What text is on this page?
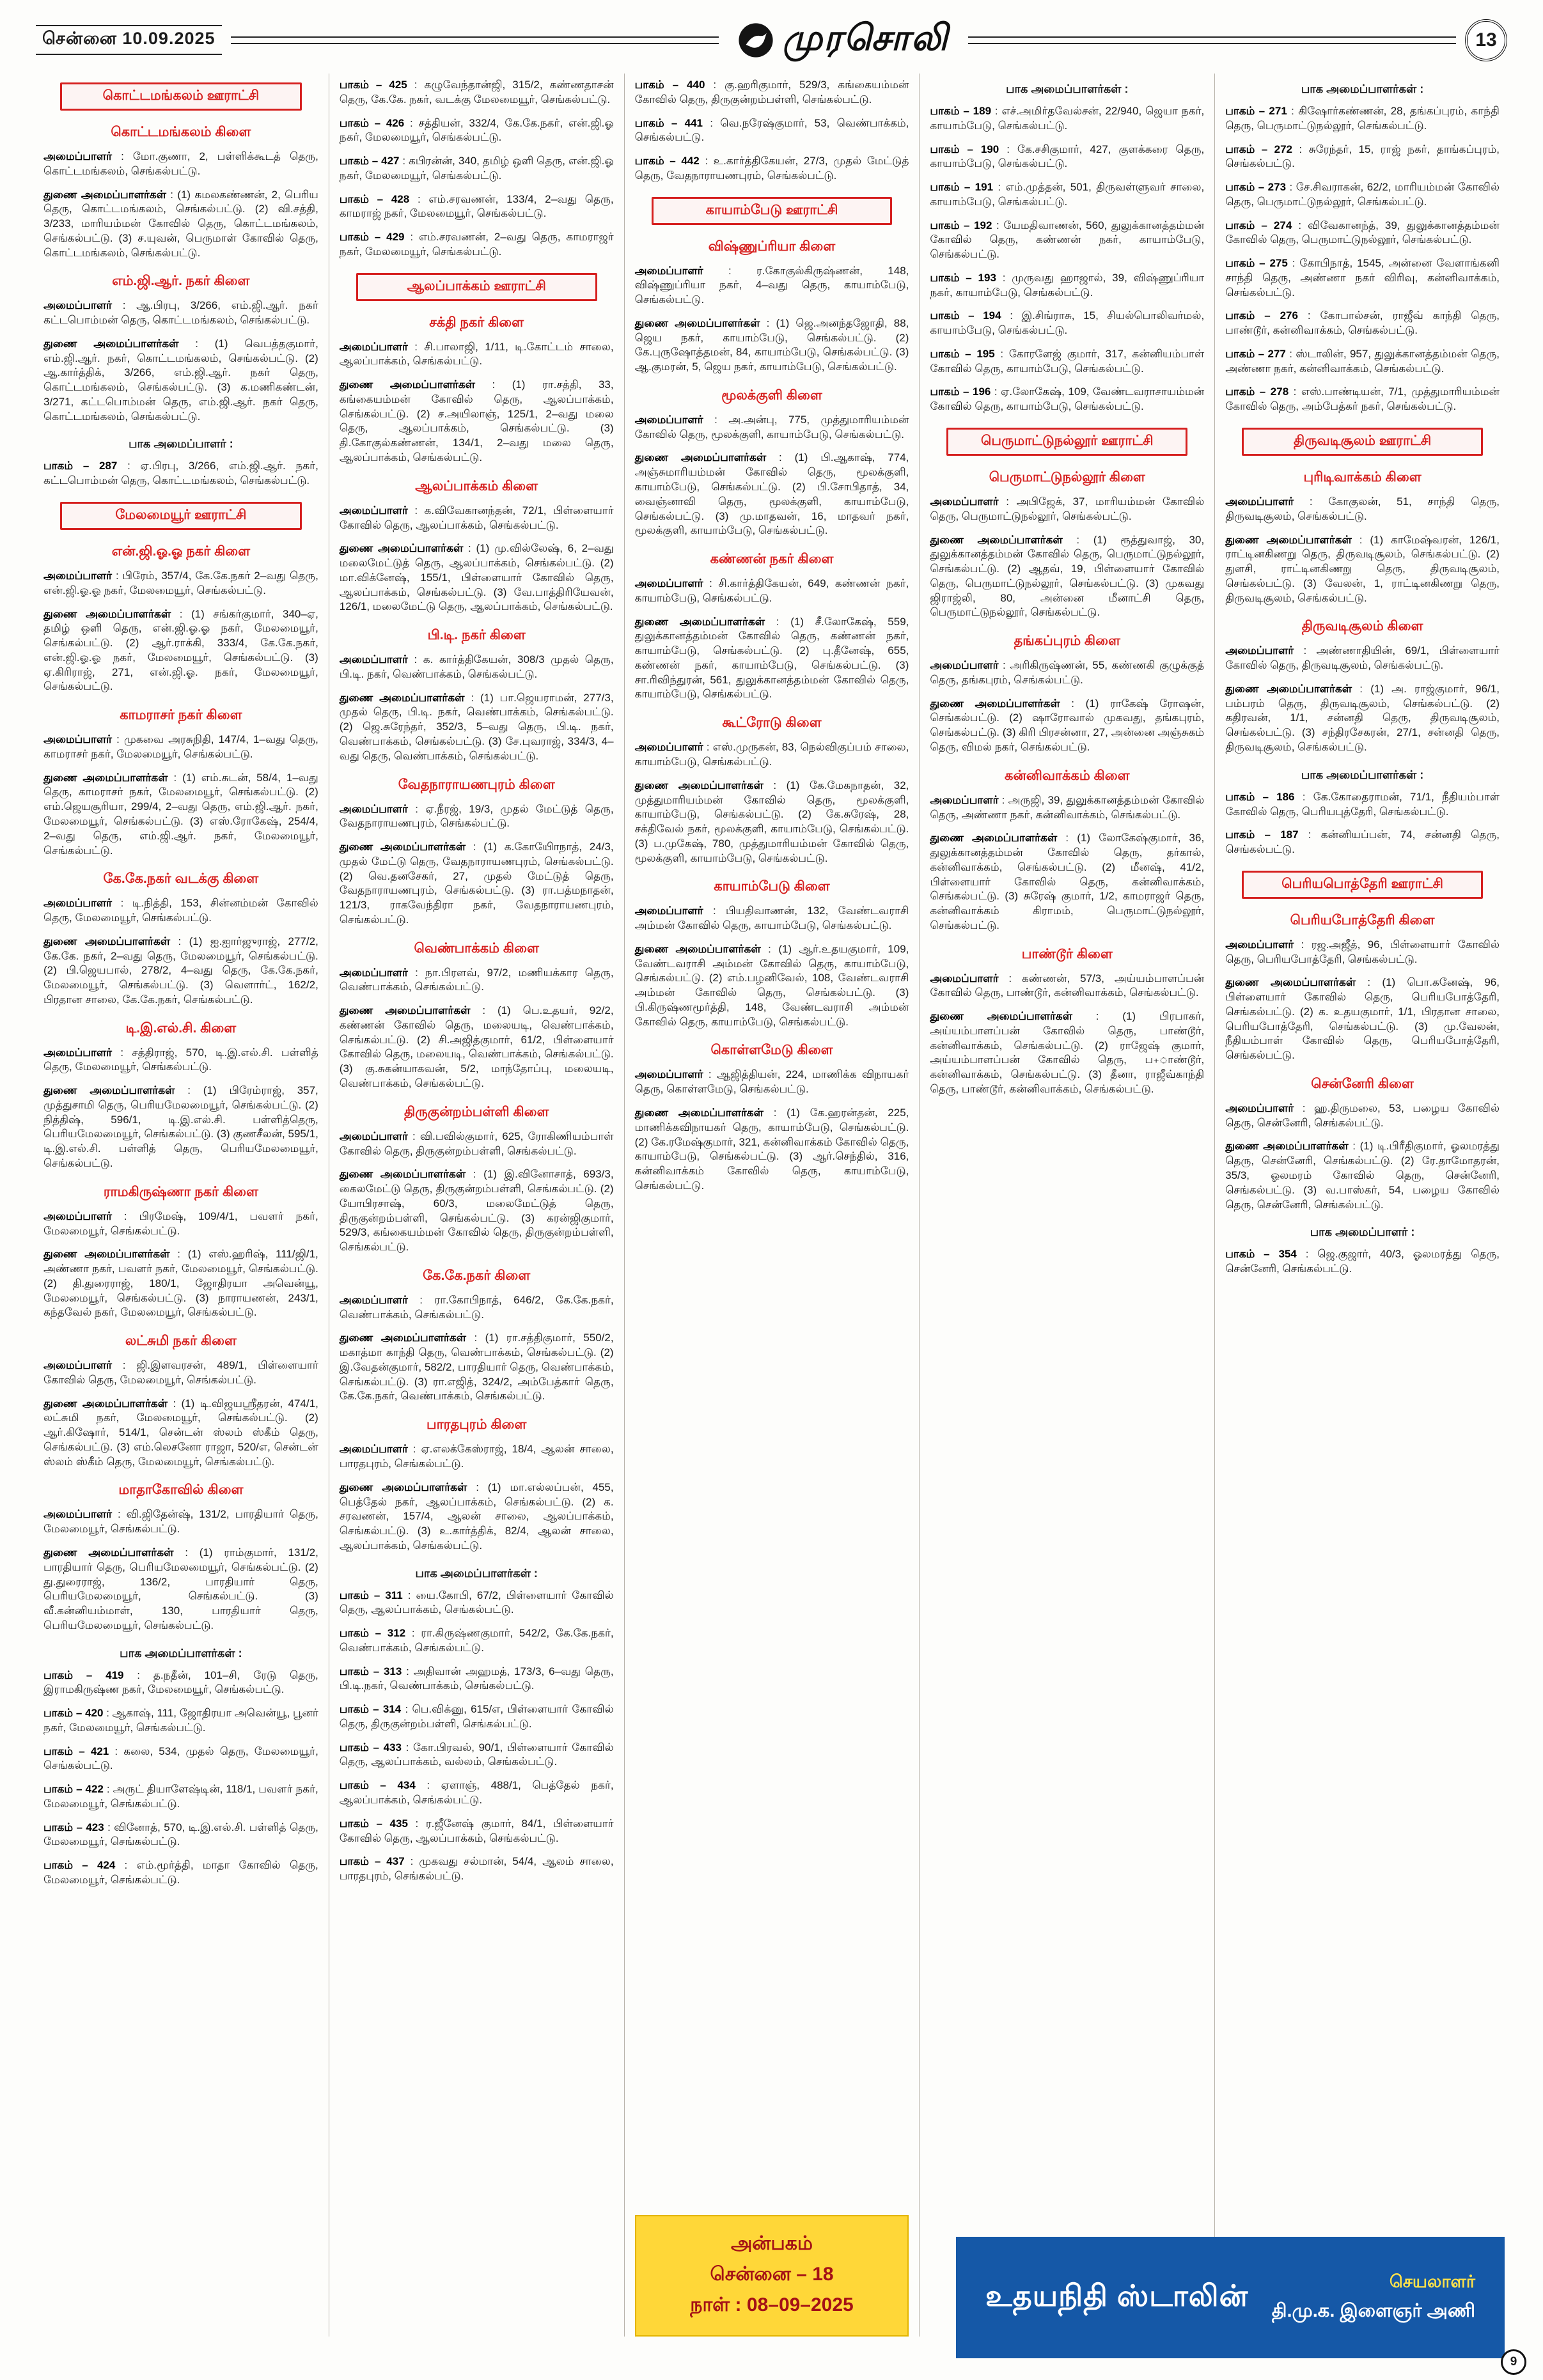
சென்னை 10.09.2025	முரசொலி	13
கொட்டமங்கலம் ஊராட்சி
கொட்டமங்கலம் கிளை

அமைப்பாளர் : மோ.குணா, 2, பள்ளிக்கூடத் தெரு, கொட்டமங்கலம், செங்கல்பட்டு.

துணை அமைப்பாளர்கள் : (1) கமலகண்ணன், 2, பெரிய தெரு, கொட்டமங்கலம், செங்கல்பட்டு. (2) வி.சத்தி, 3/233, மாரியம்மன் கோவில் தெரு, கொட்டமங்கலம், செங்கல்பட்டு. (3) ச.யுவன், பெருமாள் கோவில் தெரு, கொட்டமங்கலம், செங்கல்பட்டு.

எம்.ஜி.ஆர். நகர் கிளை

அமைப்பாளர் : ஆ.பிரபு, 3/266, எம்.ஜி.ஆர். நகர் கட்டபொம்மன் தெரு, கொட்டமங்கலம், செங்கல்பட்டு.

துணை அமைப்பாளர்கள் : (1) வெபத்தகுமார், எம்.ஜி.ஆர். நகர், கொட்டமங்கலம், செங்கல்பட்டு. (2) ஆ.கார்த்திக், 3/266, எம்.ஜி.ஆர். நகர் தெரு, கொட்டமங்கலம், செங்கல்பட்டு. (3) க.மணிகண்டன், 3/271, கட்டபொம்மன் தெரு, எம்.ஜி.ஆர். நகர் தெரு, கொட்டமங்கலம், செங்கல்பட்டு.

பாக அமைப்பாளர் :

பாகம் – 287 : ஏ.பிரபு, 3/266, எம்.ஜி.ஆர். நகர், கட்டபொம்மன் தெரு, கொட்டமங்கலம், செங்கல்பட்டு.

மேலமையூர் ஊராட்சி
என்.ஜி.ஓ.ஓ நகர் கிளை

அமைப்பாளர் : பிரேம், 357/4, கே.கே.நகர் 2–வது தெரு, என்.ஜி.ஓ.ஓ நகர், மேலமையூர், செங்கல்பட்டு.

துணை அமைப்பாளர்கள் : (1) சங்கர்குமார், 340–ஏ, தமிழ் ஒளி தெரு, என்.ஜி.ஓ.ஓ நகர், மேலமையூர், செங்கல்பட்டு. (2) ஆர்.ராக்கி, 333/4, கே.கே.நகர், என்.ஜி.ஓ.ஓ நகர், மேலமையூர், செங்கல்பட்டு. (3) ஏ.கிரிராஜ், 271, என்.ஜி.ஓ. நகர், மேலமையூர், செங்கல்பட்டு.

காமராசர் நகர் கிளை

அமைப்பாளர் : முகவை அரசுநிதி, 147/4, 1–வது தெரு, காமராசர் நகர், மேலமையூர், செங்கல்பட்டு.

துணை அமைப்பாளர்கள் : (1) எம்.சுடன், 58/4, 1–வது தெரு, காமராசர் நகர், மேலமையூர், செங்கல்பட்டு. (2) எம்.ஜெயசூரியா, 299/4, 2–வது தெரு, எம்.ஜி.ஆர். நகர், மேலமையூர், செங்கல்பட்டு. (3) எஸ்.ரோகேஷ், 254/4, 2–வது தெரு, எம்.ஜி.ஆர். நகர், மேலமையூர், செங்கல்பட்டு.

கே.கே.நகர் வடக்கு கிளை

அமைப்பாளர் : டி.நித்தி, 153, சின்னம்மன் கோவில் தெரு, மேலமையூர், செங்கல்பட்டு.

துணை அமைப்பாளர்கள் : (1) ஐ.ஐார்ஜுராஜ், 277/2, கே.கே. நகர், 2–வது தெரு, மேலமையூர், செங்கல்பட்டு. (2) பி.ஜெயபால், 278/2, 4–வது தெரு, கே.கே.நகர், மேலமையூர், செங்கல்பட்டு. (3) வெளார்ட், 162/2, பிரதான சாலை, கே.கே.நகர், செங்கல்பட்டு.

டி.இ.எல்.சி. கிளை

அமைப்பாளர் : சத்திராஜ், 570, டி.இ.எல்.சி. பள்ளித் தெரு, மேலமையூர், செங்கல்பட்டு.

துணை அமைப்பாளர்கள் : (1) பிரேம்ராஜ், 357, முத்துசாமி தெரு, பெரியமேலமையூர், செங்கல்பட்டு. (2) நித்திஷ், 596/1, டி.இ.எல்.சி. பள்ளித்தெரு, பெரியமேலமையூர், செங்கல்பட்டு. (3) குணசீலன், 595/1, டி.இ.எல்.சி. பள்ளித் தெரு, பெரியமேலமையூர், செங்கல்பட்டு.

ராமகிருஷ்ணா நகர் கிளை

அமைப்பாளர் : பிரமேஷ், 109/4/1, பவளர் நகர், மேலமையூர், செங்கல்பட்டு.

துணை அமைப்பாளர்கள் : (1) எஸ்.ஹரிஷ், 111/ஜி/1, அண்ணா நகர், பவளர் நகர், மேலமையூர், செங்கல்பட்டு. (2) தி.துரைராஜ், 180/1, ஜோதிரயா அவென்யூ, மேலமையூர், செங்கல்பட்டு. (3) நாராயணன், 243/1, கந்தவேல் நகர், மேலமையூர், செங்கல்பட்டு.

லட்சுமி நகர் கிளை

அமைப்பாளர் : ஜி.இளவரசன், 489/1, பிள்ளையார் கோவில் தெரு, மேலமையூர், செங்கல்பட்டு.

துணை அமைப்பாளர்கள் : (1) டி.விஜயஸ்ரீதரன், 474/1, லட்சுமி நகர், மேலமையூர், செங்கல்பட்டு. (2) ஆர்.கிஷோர், 514/1, சென்டன் ஸ்லம் ஸ்கீம் தெரு, செங்கல்பட்டு. (3) எம்.லெசனோ ராஜா, 520/எ, சென்டன் ஸ்லம் ஸ்கீம் தெரு, மேலமையூர், செங்கல்பட்டு.

மாதாகோவில் கிளை

அமைப்பாளர் : வி.ஜிதேன்ஷ், 131/2, பாரதியார் தெரு, மேலமையூர், செங்கல்பட்டு.

துணை அமைப்பாளர்கள் : (1) ராம்குமார், 131/2, பாரதியார் தெரு, பெரியமேலமையூர், செங்கல்பட்டு. (2) து.துரைராஜ், 136/2, பாரதியார் தெரு, பெரியமேலமையூர், செங்கல்பட்டு. (3) வீ.கன்னியம்மாள், 130, பாரதியார் தெரு, பெரியமேலமையூர், செங்கல்பட்டு.

பாக அமைப்பாளர்கள் :

பாகம் – 419 : த.நதீன், 101–சி, ரேடு தெரு, இராமகிருஷ்ண நகர், மேலமையூர், செங்கல்பட்டு.

பாகம் – 420 : ஆகாஷ், 111, ஜோதிரயா அவென்யூ, பூனர் நகர், மேலமையூர், செங்கல்பட்டு.

பாகம் – 421 : கலை, 534, முதல் தெரு, மேலமையூர், செங்கல்பட்டு.

பாகம் – 422 : அருட் தியாளேஷ்டின், 118/1, பவளர் நகர், மேலமையூர், செங்கல்பட்டு.

பாகம் – 423 : வினோத், 570, டி.இ.எல்.சி. பள்ளித் தெரு, மேலமையூர், செங்கல்பட்டு.

பாகம் – 424 : எம்.மூர்த்தி, மாதா கோவில் தெரு, மேலமையூர், செங்கல்பட்டு.

பாகம் – 425 : கழுவேந்தான்ஜி, 315/2, கண்ணதாசன் தெரு, கே.கே. நகர், வடக்கு மேலமையூர், செங்கல்பட்டு.

பாகம் – 426 : சத்தியன், 332/4, கே.கே.நகர், என்.ஜி.ஓ நகர், மேலமையூர், செங்கல்பட்டு.

பாகம் – 427 : கபிரன்ன், 340, தமிழ் ஒளி தெரு, என்.ஜி.ஓ நகர், மேலமையூர், செங்கல்பட்டு.

பாகம் – 428 : எம்.சரவணன், 133/4, 2–வது தெரு, காமராஜ் நகர், மேலமையூர், செங்கல்பட்டு.

பாகம் – 429 : எம்.சரவணன், 2–வது தெரு, காமராஜர் நகர், மேலமையூர், செங்கல்பட்டு.

ஆலப்பாக்கம் ஊராட்சி
சக்தி நகர் கிளை

அமைப்பாளர் : சி.பாலாஜி, 1/11, டி.கோட்டம் சாலை, ஆலப்பாக்கம், செங்கல்பட்டு.

துணை அமைப்பாளர்கள் : (1) ரா.சத்தி, 33, கங்கையம்மன் கோவில் தெரு, ஆலப்பாக்கம், செங்கல்பட்டு. (2) ச.அயிலாஞ், 125/1, 2–வது மலை தெரு, ஆலப்பாக்கம், செங்கல்பட்டு. (3) தி.கோகுல்கண்ணன், 134/1, 2–வது மலை தெரு, ஆலப்பாக்கம், செங்கல்பட்டு.

ஆலப்பாக்கம் கிளை

அமைப்பாளர் : க.விவேகானந்தன், 72/1, பிள்ளையார் கோவில் தெரு, ஆலப்பாக்கம், செங்கல்பட்டு.

துணை அமைப்பாளர்கள் : (1) மு.வில்லேஷ், 6, 2–வது மலைமேட்டுத் தெரு, ஆலப்பாக்கம், செங்கல்பட்டு. (2) மா.விக்னேஷ், 155/1, பிள்ளையார் கோவில் தெரு, ஆலப்பாக்கம், செங்கல்பட்டு. (3) வே.பாத்திரியேவன், 126/1, மலைமேட்டு தெரு, ஆலப்பாக்கம், செங்கல்பட்டு.

பி.டி. நகர் கிளை

அமைப்பாளர் : க. கார்த்திகேயன், 308/3 முதல் தெரு, பி.டி. நகர், வெண்பாக்கம், செங்கல்பட்டு.

துணை அமைப்பாளர்கள் : (1) பா.ஜெயராமன், 277/3, முதல் தெரு, பி.டி. நகர், வெண்பாக்கம், செங்கல்பட்டு. (2) ஜெ.சுரேந்தர், 352/3, 5–வது தெரு, பி.டி. நகர், வெண்பாக்கம், செங்கல்பட்டு. (3) சே.புவராஜ், 334/3, 4–வது தெரு, வெண்பாக்கம், செங்கல்பட்டு.

வேதநாராயணபுரம் கிளை

அமைப்பாளர் : ஏ.நீரஜ், 19/3, முதல் மேட்டுத் தெரு, வேதநாராயணபுரம், செங்கல்பட்டு.

துணை அமைப்பாளர்கள் : (1) க.கோயிோநாத், 24/3, முதல் மேட்டு தெரு, வேதநாராயணபுரம், செங்கல்பட்டு. (2) வெ.தனசேகர், 27, முதல் மேட்டுத் தெரு, வேதநாராயணபுரம், செங்கல்பட்டு. (3) ரா.பத்மநாதன், 121/3, ராகவேந்திரா நகர், வேதநாராயணபுரம், செங்கல்பட்டு.

வெண்பாக்கம் கிளை

அமைப்பாளர் : நா.பிரளவ், 97/2, மணியக்கார தெரு, வெண்பாக்கம், செங்கல்பட்டு.

துணை அமைப்பாளர்கள் : (1) பெ.உதயர், 92/2, கண்ணன் கோவில் தெரு, மலையடி, வெண்பாக்கம், செங்கல்பட்டு. (2) சி.அஜித்குமார், 61/2, பிள்ளையார் கோவில் தெரு, மலையடி, வெண்பாக்கம், செங்கல்பட்டு. (3) கு.சுகன்யாகவன், 5/2, மாந்தோப்பு, மலையடி, வெண்பாக்கம், செங்கல்பட்டு.

திருகுன்றம்பள்ளி கிளை

அமைப்பாளர் : வி.பவில்குமார், 625, ரோகிணியம்பாள் கோவில் தெரு, திருகுன்றம்பள்ளி, செங்கல்பட்டு.

துணை அமைப்பாளர்கள் : (1) இ.வினோசாத், 693/3, கைலமேட்டு தெரு, திருகுன்றம்பள்ளி, செங்கல்பட்டு. (2) யோபிரசாஷ், 60/3, மலைமேட்டுத் தெரு, திருகுன்றம்பள்ளி, செங்கல்பட்டு. (3) கரன்ஜிகுமார், 529/3, கங்கையம்மன் கோவில் தெரு, திருகுன்றம்பள்ளி, செங்கல்பட்டு.

கே.கே.நகர் கிளை

அமைப்பாளர் : ரா.கோபிநாத், 646/2, கே.கே.நகர், வெண்பாக்கம், செங்கல்பட்டு.

துணை அமைப்பாளர்கள் : (1) ரா.சத்திகுமார், 550/2, மகாத்மா காந்தி தெரு, வெண்பாக்கம், செங்கல்பட்டு. (2) இ.வேதன்குமார், 582/2, பாரதியார் தெரு, வெண்பாக்கம், செங்கல்பட்டு. (3) ரா.எஜித், 324/2, அம்பேத்கார் தெரு, கே.கே.நகர், வெண்பாக்கம், செங்கல்பட்டு.

பாரதபுரம் கிளை

அமைப்பாளர் : ஏ.எலக்கேஸ்ராஜ், 18/4, ஆலன் சாலை, பாரதபுரம், செங்கல்பட்டு.

துணை அமைப்பாளர்கள் : (1) மா.எல்லப்பன், 455, பெத்தேல் நகர், ஆலப்பாக்கம், செங்கல்பட்டு. (2) க. சரவணன், 157/4, ஆலன் சாலை, ஆலப்பாக்கம், செங்கல்பட்டு. (3) உ.கார்த்திக், 82/4, ஆலன் சாலை, ஆலப்பாக்கம், செங்கல்பட்டு.

பாக அமைப்பாளர்கள் :

பாகம் – 311 : யை.கோபி, 67/2, பிள்ளையார் கோவில் தெரு, ஆலப்பாக்கம், செங்கல்பட்டு.

பாகம் – 312 : ரா.கிருஷ்ணகுமார், 542/2, கே.கே.நகர், வெண்பாக்கம், செங்கல்பட்டு.

பாகம் – 313 : அதிவான் அஹமத், 173/3, 6–வது தெரு, பி.டி.நகர், வெண்பாக்கம், செங்கல்பட்டு.

பாகம் – 314 : பெ.விக்னு, 615/எ, பிள்ளையார் கோவில் தெரு, திருகுன்றம்பள்ளி, செங்கல்பட்டு.

பாகம் – 433 : கோ.பிரவல், 90/1, பிள்ளையார் கோவில் தெரு, ஆலப்பாக்கம், வல்லம், செங்கல்பட்டு.

பாகம் – 434 : ஏளாஞ், 488/1, பெத்தேல் நகர், ஆலப்பாக்கம், செங்கல்பட்டு.

பாகம் – 435 : ர.ஜீனேஷ் குமார், 84/1, பிள்ளையார் கோவில் தெரு, ஆலப்பாக்கம், செங்கல்பட்டு.

பாகம் – 437 : முகவது சல்மான், 54/4, ஆலம் சாலை, பாரதபுரம், செங்கல்பட்டு.

பாகம் – 440 : கு.ஹரிகுமார், 529/3, கங்கையம்மன் கோவில் தெரு, திருகுன்றம்பள்ளி, செங்கல்பட்டு.

பாகம் – 441 : வெ.நரேஷ்குமார், 53, வெண்பாக்கம், செங்கல்பட்டு.

பாகம் – 442 : உ.கார்த்திகேயன், 27/3, முதல் மேட்டுத் தெரு, வேதநாராயணபுரம், செங்கல்பட்டு.

காயாம்பேடு ஊராட்சி
விஷ்ணுப்ரியா கிளை

அமைப்பாளர் : ர.கோகுல்கிருஷ்ணன், 148, விஷ்ணுப்ரியா நகர், 4–வது தெரு, காயாம்பேடு, செங்கல்பட்டு.

துணை அமைப்பாளர்கள் : (1) ஜெ.அனந்தஜோதி, 88, ஜெய நகர், காயாம்பேடு, செங்கல்பட்டு. (2) கே.புருஷோத்தமன், 84, காயாம்பேடு, செங்கல்பட்டு. (3) ஆ.குமரன், 5, ஜெய நகர், காயாம்பேடு, செங்கல்பட்டு.

மூலக்குளி கிளை

அமைப்பாளர் : அ.அன்பு, 775, முத்துமாரியம்மன் கோவில் தெரு, மூலக்குளி, காயாம்பேடு, செங்கல்பட்டு.

துணை அமைப்பாளர்கள் : (1) பி.ஆகாஷ், 774, அஞ்சுமாரியம்மன் கோவில் தெரு, மூலக்குளி, காயாம்பேடு, செங்கல்பட்டு. (2) பி.சோபிதாத், 34, வைஞ்னாவி தெரு, மூலக்குளி, காயாம்பேடு, செங்கல்பட்டு. (3) மு.மாதவன், 16, மாதவர் நகர், மூலக்குளி, காயாம்பேடு, செங்கல்பட்டு.

கண்ணன் நகர் கிளை

அமைப்பாளர் : சி.கார்த்திகேயன், 649, கண்ணன் நகர், காயாம்பேடு, செங்கல்பட்டு.

துணை அமைப்பாளர்கள் : (1) சீ.லோகேஷ், 559, துலுக்கானத்தம்மன் கோவில் தெரு, கண்ணன் நகர், காயாம்பேடு, செங்கல்பட்டு. (2) பு.தீனேஷ், 655, கண்ணன் நகர், காயாம்பேடு, செங்கல்பட்டு. (3) சா.ரிவிந்துரன், 561, துலுக்கானத்தம்மன் கோவில் தெரு, காயாம்பேடு, செங்கல்பட்டு.

கூட்ரோடு கிளை

அமைப்பாளர் : எஸ்.முருகன், 83, நெல்விகுப்பம் சாலை, காயாம்பேடு, செங்கல்பட்டு.

துணை அமைப்பாளர்கள் : (1) கே.மேகநாதன், 32, முத்துமாரியம்மன் கோவில் தெரு, மூலக்குளி, காயாம்பேடு, செங்கல்பட்டு. (2) கே.சுரேஷ், 28, சக்திவேல் நகர், மூலக்குளி, காயாம்பேடு, செங்கல்பட்டு. (3) ப.முகேஷ், 780, முத்துமாரியம்மன் கோவில் தெரு, மூலக்குளி, காயாம்பேடு, செங்கல்பட்டு.

காயாம்பேடு கிளை

அமைப்பாளர் : பியதிவாணன், 132, வேண்டவராசி அம்மன் கோவில் தெரு, காயாம்பேடு, செங்கல்பட்டு.

துணை அமைப்பாளர்கள் : (1) ஆர்.உதயகுமார், 109, வேண்டவராசி அம்மன் கோவில் தெரு, காயாம்பேடு, செங்கல்பட்டு. (2) எம்.பழனிவேல், 108, வேண்டவராசி அம்மன் கோவில் தெரு, செங்கல்பட்டு. (3) பி.கிருஷ்ணமூர்த்தி, 148, வேண்டவராசி அம்மன் கோவில் தெரு, காயாம்பேடு, செங்கல்பட்டு.

கொள்ளமேடு கிளை

அமைப்பாளர் : ஆஜித்தியன், 224, மாணிக்க விநாயகர் தெரு, கொள்ளமேடு, செங்கல்பட்டு.

துணை அமைப்பாளர்கள் : (1) கே.ஹரன்தன், 225, மாணிக்கவிநாயகர் தெரு, காயாம்பேடு, செங்கல்பட்டு. (2) கே.ரமேஷ்குமார், 321, கன்னிவாக்கம் கோவில் தெரு, காயாம்பேடு, செங்கல்பட்டு. (3) ஆர்.செந்தில், 316, கன்னிவாக்கம் கோவில் தெரு, காயாம்பேடு, செங்கல்பட்டு.

அன்பகம்
சென்னை – 18
நாள் : 08–09–2025
பாக அமைப்பாளர்கள் :

பாகம் – 189 : எச்.அமிர்தவேல்சன், 22/940, ஜெயா நகர், காயாம்பேடு, செங்கல்பட்டு.

பாகம் – 190 : கே.சசிகுமார், 427, குளக்கரை தெரு, காயாம்பேடு, செங்கல்பட்டு.

பாகம் – 191 : எம்.முத்தன், 501, திருவள்ளுவர் சாலை, காயாம்பேடு, செங்கல்பட்டு.

பாகம் – 192 : யேமதிவாணன், 560, துலுக்கானத்தம்மன் கோவில் தெரு, கண்ணன் நகர், காயாம்பேடு, செங்கல்பட்டு.

பாகம் – 193 : முருவது ஹாஜால், 39, விஷ்ணுப்ரியா நகர், காயாம்பேடு, செங்கல்பட்டு.

பாகம் – 194 : இ.சிங்ராசு, 15, சியல்பொலிவர்மல், காயாம்பேடு, செங்கல்பட்டு.

பாகம் – 195 : கோரளேஜ் குமார், 317, கன்னியம்பாள் கோவில் தெரு, காயாம்பேடு, செங்கல்பட்டு.

பாகம் – 196 : ஏ.லோகேஷ், 109, வேண்டவராசாயம்மன் கோவில் தெரு, காயாம்பேடு, செங்கல்பட்டு.

பெருமாட்டுநல்லூர் ஊராட்சி
பெருமாட்டுநல்லூர் கிளை

அமைப்பாளர் : அபிஜேக், 37, மாரியம்மன் கோவில் தெரு, பெருமாட்டுநல்லூர், செங்கல்பட்டு.

துணை அமைப்பாளர்கள் : (1) ரூத்துவாஜ், 30, துலுக்கானத்தம்மன் கோவில் தெரு, பெருமாட்டுநல்லூர், செங்கல்பட்டு. (2) ஆதவ், 19, பிள்ளையார் கோவில் தெரு, பெருமாட்டுநல்லூர், செங்கல்பட்டு. (3) முகவது ஜிராஜ்லி, 80, அன்னை மீனாட்சி தெரு, பெருமாட்டுநல்லூர், செங்கல்பட்டு.

தங்கப்புரம் கிளை

அமைப்பாளர் : அரிகிருஷ்ணன், 55, கண்ணகி குழுக்குத் தெரு, தங்கபுரம், செங்கல்பட்டு.

துணை அமைப்பாளர்கள் : (1) ராகேஷ் ரோஷன், செங்கல்பட்டு. (2) ஷாரோவால் முகவது, தங்கபுரம், செங்கல்பட்டு. (3) கிரி பிரசன்னா, 27, அன்னை அஞ்சுகம் தெரு, விமல் நகர், செங்கல்பட்டு.

கன்னிவாக்கம் கிளை

அமைப்பாளர் : அருஜி, 39, துலுக்கானத்தம்மன் கோவில் தெரு, அண்ணா நகர், கன்னிவாக்கம், செங்கல்பட்டு.

துணை அமைப்பாளர்கள் : (1) லோகேஷ்குமார், 36, துலுக்கானத்தம்மன் கோவில் தெரு, தர்கால், கன்னிவாக்கம், செங்கல்பட்டு. (2) மீனஷ், 41/2, பிள்ளையார் கோவில் தெரு, கன்னிவாக்கம், செங்கல்பட்டு. (3) சுரேஷ் குமார், 1/2, காமராஜர் தெரு, கன்னிவாக்கம் கிராமம், பெருமாட்டுநல்லூர், செங்கல்பட்டு.

பாண்டூர் கிளை

அமைப்பாளர் : கண்ணன், 57/3, அய்யம்பாளப்பன் கோவில் தெரு, பாண்டூர், கன்னிவாக்கம், செங்கல்பட்டு.

துணை அமைப்பாளர்கள் : (1) பிரபாகர், அய்யம்பாளப்பன் கோவில் தெரு, பாண்டூர், கன்னிவாக்கம், செங்கல்பட்டு. (2) ராஜேஷ் குமார், அய்யம்பாளப்பன் கோவில் தெரு, ப+ாண்டூர், கன்னிவாக்கம், செங்கல்பட்டு. (3) தீனா, ராஜீவ்காந்தி தெரு, பாண்டூர், கன்னிவாக்கம், செங்கல்பட்டு.

பாக அமைப்பாளர்கள் :

பாகம் – 271 : கிஷோர்கண்ணன், 28, தங்கப்புரம், காந்தி தெரு, பெருமாட்டுநல்லூர், செங்கல்பட்டு.

பாகம் – 272 : சுரேந்தர், 15, ராஜ் நகர், தாங்கப்புரம், செங்கல்பட்டு.

பாகம் – 273 : சே.சிவராகன், 62/2, மாரியம்மன் கோவில் தெரு, பெருமாட்டுநல்லூர், செங்கல்பட்டு.

பாகம் – 274 : விவேகானந்த், 39, துலுக்கானத்தம்மன் கோவில் தெரு, பெருமாட்டுநல்லூர், செங்கல்பட்டு.

பாகம் – 275 : கோபிநாத், 1545, அன்னை வேளாங்கனி சாந்தி தெரு, அண்ணா நகர் விரிவு, கன்னிவாக்கம், செங்கல்பட்டு.

பாகம் – 276 : கோபால்சன், ராஜீவ் காந்தி தெரு, பாண்டூர், கன்னிவாக்கம், செங்கல்பட்டு.

பாகம் – 277 : ஸ்டாலின், 957, துலுக்கானத்தம்மன் தெரு, அண்ணா நகர், கன்னிவாக்கம், செங்கல்பட்டு.

பாகம் – 278 : எஸ்.பாண்டியன், 7/1, முத்துமாரியம்மன் கோவில் தெரு, அம்பேத்கர் நகர், செங்கல்பட்டு.

திருவடிசூலம் ஊராட்சி
புரிடிவாக்கம் கிளை

அமைப்பாளர் : கோகுலன், 51, சாந்தி தெரு, திருவடிசூலம், செங்கல்பட்டு.

துணை அமைப்பாளர்கள் : (1) காமேஷ்வரன், 126/1, ராட்டினகிணறு தெரு, திருவடிசூலம், செங்கல்பட்டு. (2) துளசி, ராட்டினகிணறு தெரு, திருவடிசூலம், செங்கல்பட்டு. (3) வேலன், 1, ராட்டினகிணறு தெரு, திருவடிசூலம், செங்கல்பட்டு.

திருவடிசூலம் கிளை

அமைப்பாளர் : அண்ணாதியின், 69/1, பிள்ளையார் கோவில் தெரு, திருவடிசூலம், செங்கல்பட்டு.

துணை அமைப்பாளர்கள் : (1) அ. ராஜ்குமார், 96/1, பம்பரம் தெரு, திருவடிசூலம், செங்கல்பட்டு. (2) கதிரவன், 1/1, சன்னதி தெரு, திருவடிசூலம், செங்கல்பட்டு. (3) சந்திரசேகரன், 27/1, சன்னதி தெரு, திருவடிசூலம், செங்கல்பட்டு.

பாக அமைப்பாளர்கள் :

பாகம் – 186 : கே.கோதைராமன், 71/1, நீதியம்பாள் கோவில் தெரு, பெரியபுத்தேரி, செங்கல்பட்டு.

பாகம் – 187 : கன்னியப்பன், 74, சன்னதி தெரு, செங்கல்பட்டு.

பெரியபொத்தேரி ஊராட்சி
பெரியபோத்தேரி கிளை

அமைப்பாளர் : ரஜ.அஜீத், 96, பிள்ளையார் கோவில் தெரு, பெரியபோத்தேரி, செங்கல்பட்டு.

துணை அமைப்பாளர்கள் : (1) பொ.கனேஷ், 96, பிள்ளையார் கோவில் தெரு, பெரியபோத்தேரி, செங்கல்பட்டு. (2) க. உதயகுமார், 1/1, பிரதான சாலை, பெரியபோத்தேரி, செங்கல்பட்டு. (3) மு.வேலன், நீதியம்பாள் கோவில் தெரு, பெரியபோத்தேரி, செங்கல்பட்டு.

சென்னேரி கிளை

அமைப்பாளர் : ஹ.திருமலை, 53, பழைய கோவில் தெரு, சென்னேரி, செங்கல்பட்டு.

துணை அமைப்பாளர்கள் : (1) டி.பிரீதிகுமார், ஓலமரத்து தெரு, சென்னேரி, செங்கல்பட்டு. (2) ரே.தாமோதரன், 35/3, ஓலமரம் கோவில் தெரு, சென்னேரி, செங்கல்பட்டு. (3) வ.பாஸ்கர், 54, பழைய கோவில் தெரு, சென்னேரி, செங்கல்பட்டு.

பாக அமைப்பாளர் :

பாகம் – 354 : ஜெ.குஜார், 40/3, ஓலமரத்து தெரு, சென்னேரி, செங்கல்பட்டு.

உதயநிதி ஸ்டாலின்	செயலாளர்
தி.மு.க. இளைஞர் அணி
9
